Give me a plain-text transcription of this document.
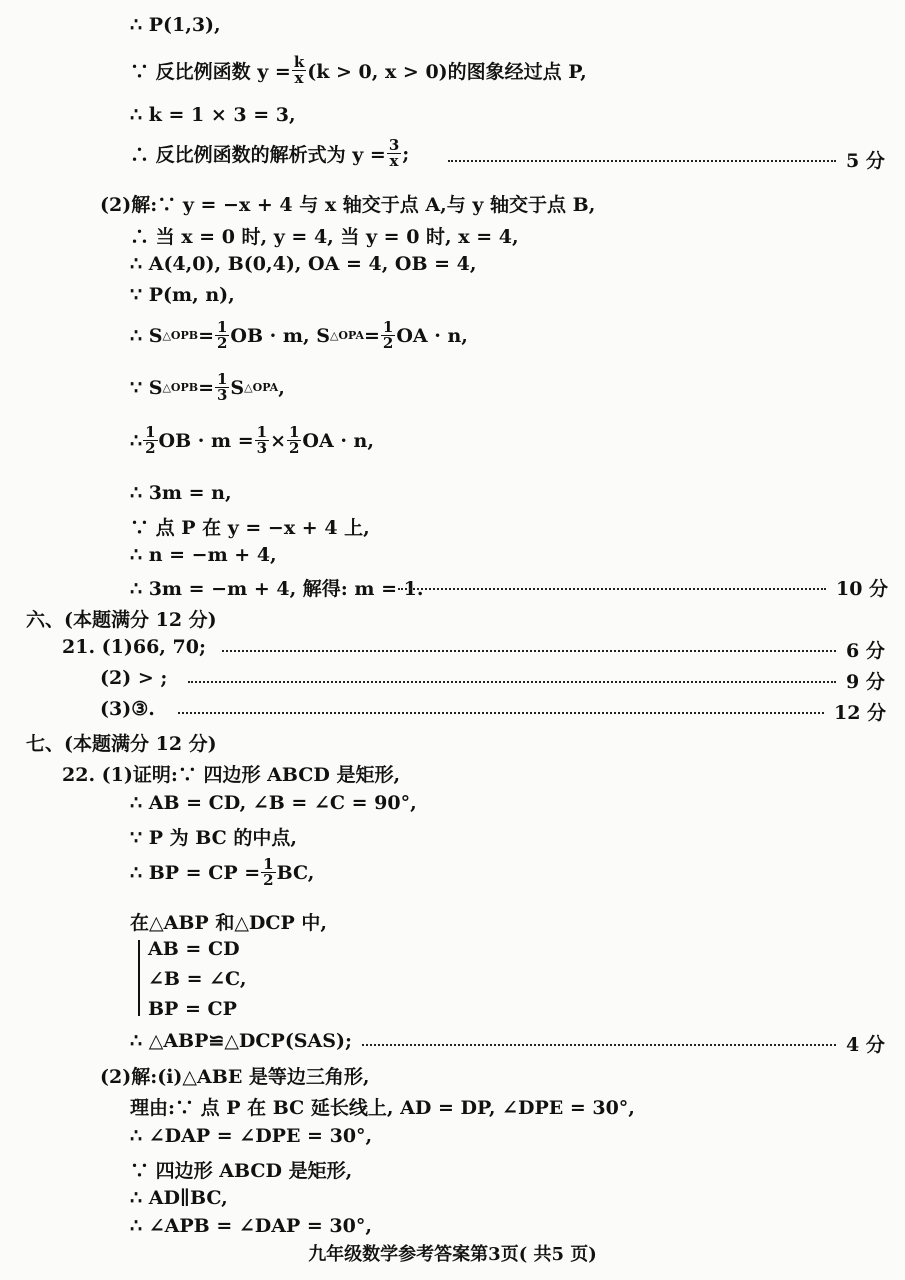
∴ P(1,3),
∵ 反比例函数 $y = \frac{k}{x} (k > 0$, x > 0)的图象经过点 P,
∴ k = 1 × 3 = 3,
∴ 反比例函数的解析式为 $y = \frac{3}{x}$ ;	5 分
(2)解:∵ y = −x + 4 与 x 轴交于点 A,与 y 轴交于点 B,
∴ 当 x = 0 时, y = 4, 当 y = 0 时, x = 4,
∴ A(4,0), B(0,4), OA = 4, OB = 4,
∵ P(m, n),
∴ S △OPB = $\frac{1}{2}$ OB · m, S △OPA = $\frac{1}{2}$ OA · n,
∵ S △OPB = $\frac{1}{3}$ S △OPA ,
∴ $\frac{1}{2}$ OB · $m = \frac{1}{3} \times \frac{1}{2}$ OA · n,
∴ 3m = n,
∵ 点 P 在 y = −x + 4 上,
∴ n = −m + 4,
∴ 3m = −m + 4, 解得: m = 1.	10 分
六、(本题满分 12 分)
21. (1)66, 70;	6 分
(2) > ;	9 分
(3)③.	12 分
七、(本题满分 12 分)
22. (1)证明:∵ 四边形 ABCD 是矩形,
∴ AB = CD, ∠B = ∠C = 90°,
∵ P 为 BC 的中点,
∴ BP = CP = $\frac{1}{2}$ BC,
在△ABP 和△DCP 中,
AB = CD
∠B = ∠C,
BP = CP
∴ △ABP≌△DCP(SAS);	4 分
(2)解:(i)△ABE 是等边三角形,
理由:∵ 点 P 在 BC 延长线上, AD = DP, ∠DPE = 30°,
∴ ∠DAP = ∠DPE = 30°,
∵ 四边形 ABCD 是矩形,
∴ AD∥BC,
∴ ∠APB = ∠DAP = 30°,
九年级数学参考答案第3页( 共5 页)
